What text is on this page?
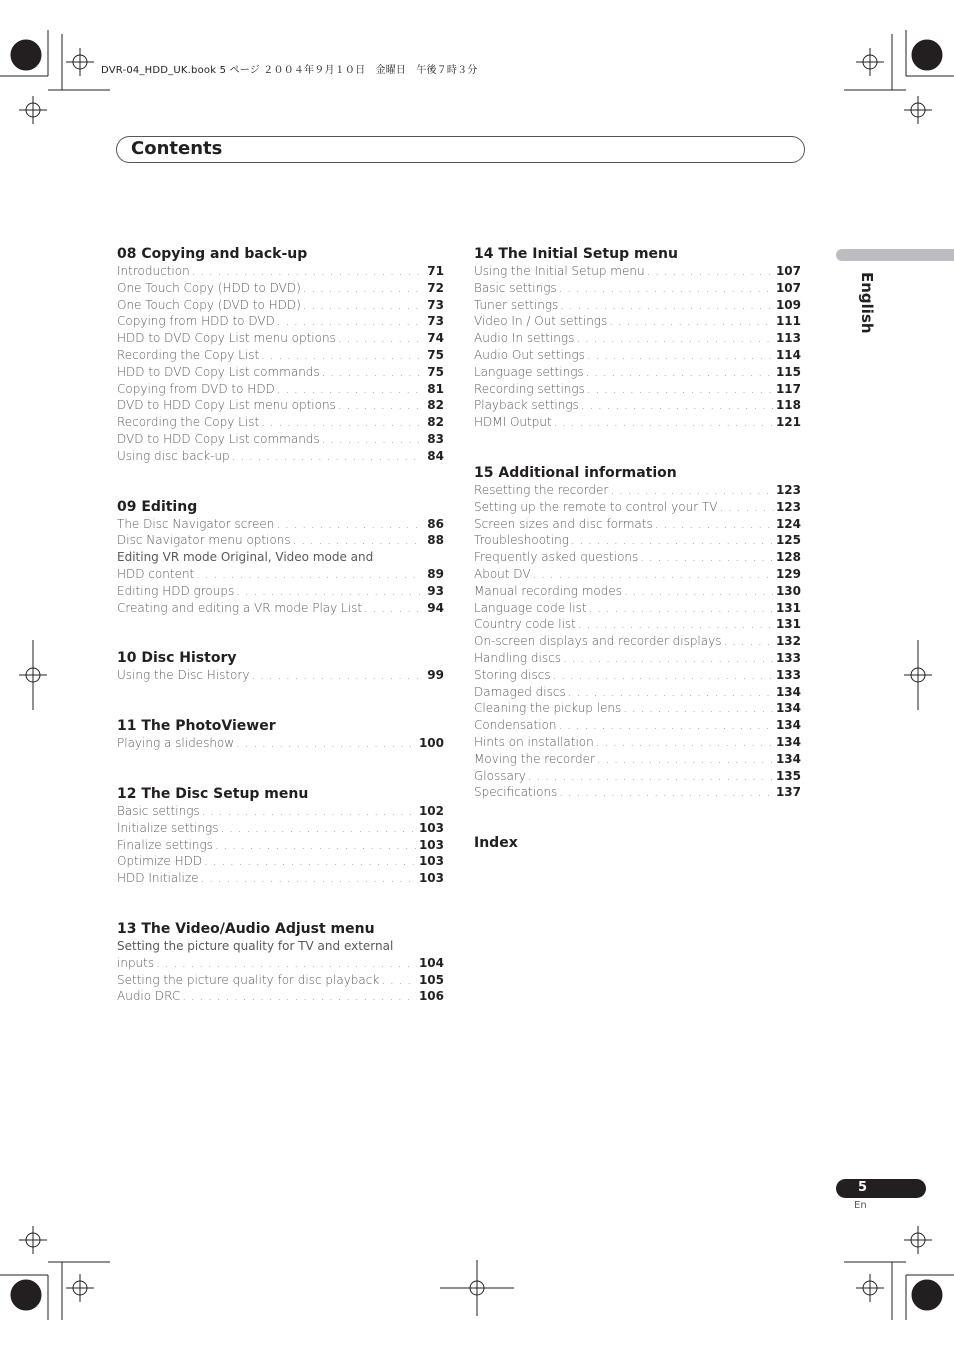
DVR-04_HDD_UK.book 5 ページ ２００４年９月１０日　金曜日　午後７時３分
Contents
English
08 Copying and back-up
Introduction . . .	71
One Touch Copy (HDD to DVD) . . .	72
One Touch Copy (DVD to HDD) . . .	73
Copying from HDD to DVD . . .	73
HDD to DVD Copy List menu options . . .	74
Recording the Copy List . . .	75
HDD to DVD Copy List commands . . .	75
Copying from DVD to HDD . . .	81
DVD to HDD Copy List menu options . . .	82
Recording the Copy List . . .	82
DVD to HDD Copy List commands . . .	83
Using disc back-up . . .	84
09 Editing
The Disc Navigator screen . . .	86
Disc Navigator menu options . . .	88
Editing VR mode Original, Video mode and
HDD content . . .	89
Editing HDD groups . . .	93
Creating and editing a VR mode Play List . . .	94
10 Disc History
Using the Disc History . . .	99
11 The PhotoViewer
Playing a slideshow . . .	100
12 The Disc Setup menu
Basic settings . . .	102
Initialize settings . . .	103
Finalize settings . . .	103
Optimize HDD . . .	103
HDD Initialize . . .	103
13 The Video/Audio Adjust menu
Setting the picture quality for TV and external
inputs . . .	104
Setting the picture quality for disc playback . . .	105
Audio DRC . . .	106
14 The Initial Setup menu
Using the Initial Setup menu . . .	107
Basic settings . . .	107
Tuner settings . . .	109
Video In / Out settings . . .	111
Audio In settings . . .	113
Audio Out settings . . .	114
Language settings . . .	115
Recording settings . . .	117
Playback settings . . .	118
HDMI Output . . .	121
15 Additional information
Resetting the recorder . . .	123
Setting up the remote to control your TV . . .	123
Screen sizes and disc formats . . .	124
Troubleshooting . . .	125
Frequently asked questions . . .	128
About DV . . .	129
Manual recording modes . . .	130
Language code list . . .	131
Country code list . . .	131
On-screen displays and recorder displays . . .	132
Handling discs . . .	133
Storing discs . . .	133
Damaged discs . . .	134
Cleaning the pickup lens . . .	134
Condensation . . .	134
Hints on installation . . .	134
Moving the recorder . . .	134
Glossary . . .	135
Specifications . . .	137
Index
5
En
